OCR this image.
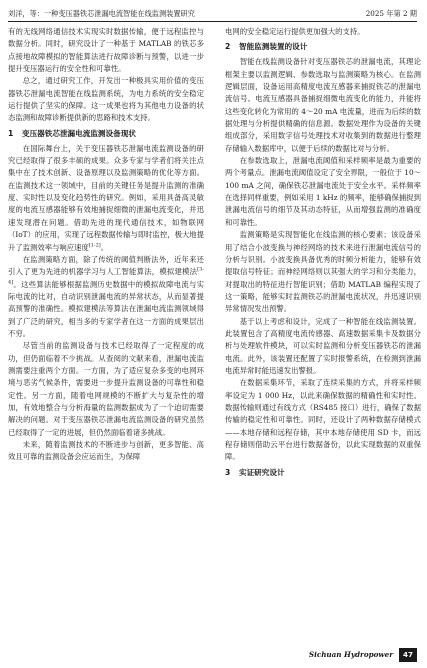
刘洋，等：一种变压器铁芯泄漏电流智能在线监测装置研究	2025 年第 2 期

有的无线网络通信技术实现实时数据传输，便于远程监控与数据分析。同时，研究设计了一种基于 MATLAB 的铁芯多点接地故障模拟的智能算法进行故障诊断与预警，以进一步提升变压器运行的安全性和可靠性。

总之，通过研究工作，开发出一种极具实用价值的变压器铁芯泄漏电流智能在线监测系统，为电力系统的安全稳定运行提供了坚实的保障。这一成果也将为其他电力设备的状态监测和故障诊断提供新的思路和技术支持。

1 变压器铁芯泄漏电流监测设备现状

在国际舞台上，关于变压器铁芯泄漏电流监测设备的研究已经取得了很多丰硕的成果。众多专家与学者们将关注点集中在了技术创新、设备原理以及监测策略的优化等方面。在监测技术这一领域中，目前的关键任务是提升监测的准确度、实时性以及变化趋势性的研究。例如，采用具备高灵敏度的电流互感器能够有效地捕捉细微的泄漏电流变化，并迅速发现潜在问题。借助先进的现代通信技术，如物联网（IoT）的应用，实现了远程数据传输与即时监控，极大地提升了监测效率与响应速度[1-2]。

在监测策略方面，除了传统的阈值判断法外，近年来还引入了更为先进的机器学习与人工智能算法，模拟建模法[3-4]。这些算法能够根据监测历史数据中的模拟故障电流与实际电流的比对，自动识别泄漏电流的异常状态，从而显著提高预警的准确性。模拟建模法等算法在泄漏电流监测领域得到了广泛的研究，相当多的专家学者在这一方面的成果层出不穷。

尽管当前的监测设备与技术已经取得了一定程度的成功，但仍面临着不少挑战。从查阅的文献来看，泄漏电流监测需要注重两个方面。一方面，为了适应复杂多变的电网环境与恶劣气候条件，需要进一步提升监测设备的可靠性和稳定性。另一方面，随着电网规模的不断扩大与复杂性的增加，有效地整合与分析海量的监测数据成为了一个迫切需要解决的问题。对于变压器铁芯泄漏电流监测设备的研究虽然已经取得了一定的进展，但仍然面临着诸多挑战。

未来，随着监测技术的不断进步与创新，更多智能、高效且可靠的监测设备会应运而生，为保障

电网的安全稳定运行提供更加强大的支持。

2 智能监测装置的设计

智能在线监测设备针对变压器铁芯的泄漏电流，其理论框架主要以监测逻辑、参数选取与监测策略为核心。在监测逻辑层面，设备运用高精度电流互感器来捕捉铁芯的泄漏电流信号。电流互感器具备捕捉细微电流变化的能力，并能将这些变化转化为常用的 4～20 mA 电流量，进而为后续的数据处理与分析提供精确的信息源。数据处理作为设备的关键组成部分，采用数字信号处理技术对收集到的数据进行整理存储输入数据库中，以便于后续的数据比对与分析。

在参数选取上，泄漏电流阈值和采样频率是最为重要的两个考量点。泄漏电流阈值设定了安全界限，一般位于 10～100 mA 之间，确保铁芯泄漏电流处于安全水平。采样频率在选择同样重要，例如采用 1 kHz 的频率，能够确保捕捉到泄漏电流信号的细节及其动态特征，从而增强监测的准确度和可靠性。

监测策略是实现智能化在线监测的核心要素；该设备采用了结合小波变换与神经网络的技术来进行泄漏电流信号的分析与识别。小波变换具备优秀的时频分析能力，能够有效提取信号特征；而神经网络则以其强大的学习和分类能力，对提取出的特征进行智能识别；借助 MATLAB 编程实现了这一策略，能够实时监测铁芯的泄漏电流状况，并迅速识别异常情况发出预警。

基于以上考虑和设计，完成了一种智能在线监测装置。此装置包含了高精度电流传感器、高速数据采集卡及数据分析与处理软件模块，可以实时监测和分析变压器铁芯的泄漏电流。此外，该装置还配置了实时报警系统，在检测到泄漏电流异常时能迅速发出警报。

在数据采集环节，采取了连续采集的方式，并将采样频率设定为 1 000 Hz，以此来确保数据的精确性和实时性。数据传输则通过有线方式（RS485 接口）进行，确保了数据传输的稳定性和可靠性。同时，还设计了两种数据存储模式——本地存储和远程存储，其中本地存储使用 SD 卡，而远程存储则借助云平台进行数据备份，以此实现数据的双重保障。

3 实证研究设计
Sichuan Hydropower 47
